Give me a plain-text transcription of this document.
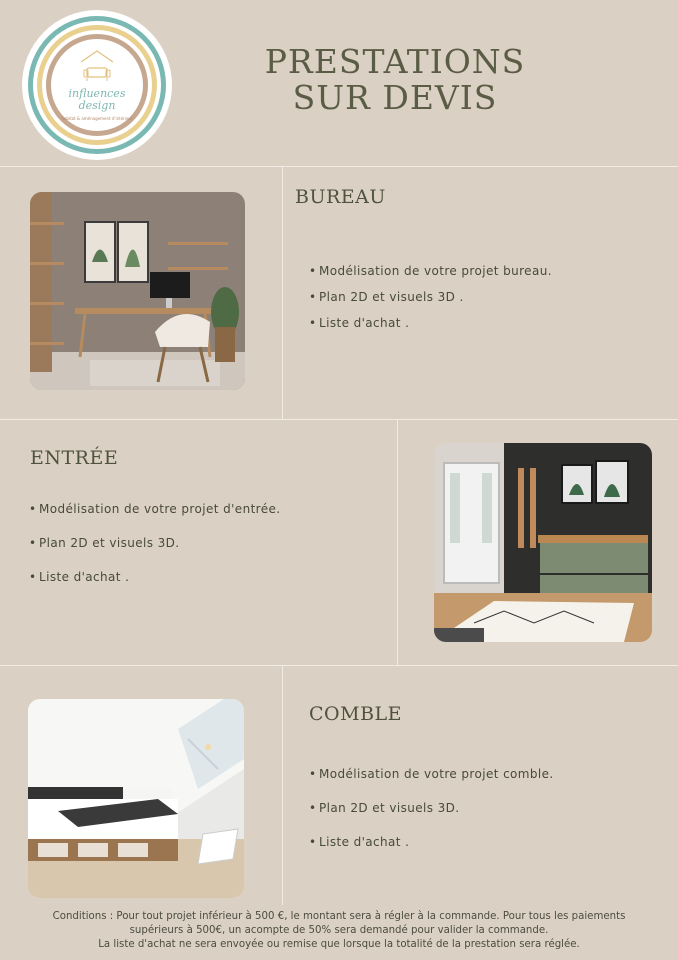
influences
design
habitat & aménagement d'intérieur
PRESTATIONS
SUR DEVIS
BUREAU
• Modélisation de votre projet bureau.
• Plan 2D et visuels 3D .
• Liste d'achat .
ENTRÉE
• Modélisation de votre projet d'entrée.
• Plan 2D et visuels 3D.
• Liste d'achat .
COMBLE
• Modélisation de votre projet comble.
• Plan 2D et visuels 3D.
• Liste d'achat .
Conditions : Pour tout projet inférieur à 500 €, le montant sera à régler à la commande. Pour tous les paiements
supérieurs à 500€, un acompte de 50% sera demandé pour valider la commande.
La liste d'achat ne sera envoyée ou remise que lorsque la totalité de la prestation sera réglée.
